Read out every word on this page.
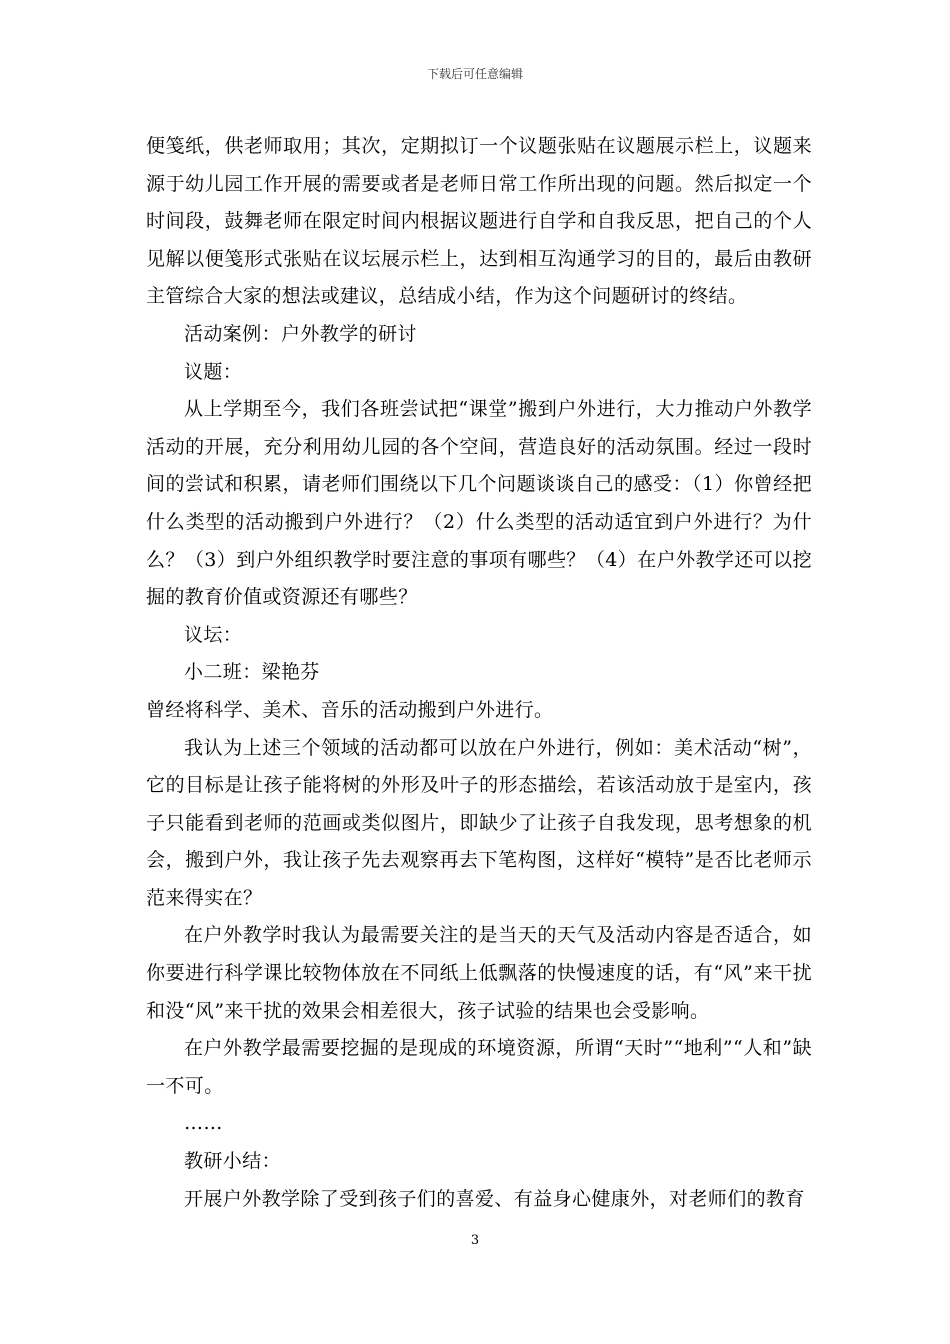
下载后可任意编辑

便笺纸，供老师取用；其次，定期拟订一个议题张贴在议题展示栏上，议题来源于幼儿园工作开展的需要或者是老师日常工作所出现的问题。然后拟定一个时间段，鼓舞老师在限定时间内根据议题进行自学和自我反思，把自己的个人见解以便笺形式张贴在议坛展示栏上，达到相互沟通学习的目的，最后由教研主管综合大家的想法或建议，总结成小结，作为这个问题研讨的终结。

活动案例：户外教学的研讨

议题：

从上学期至今，我们各班尝试把“课堂”搬到户外进行，大力推动户外教学活动的开展，充分利用幼儿园的各个空间，营造良好的活动氛围。经过一段时间的尝试和积累，请老师们围绕以下几个问题谈谈自己的感受：（1）你曾经把什么类型的活动搬到户外进行？（2）什么类型的活动适宜到户外进行？为什么？（3）到户外组织教学时要注意的事项有哪些？（4）在户外教学还可以挖掘的教育价值或资源还有哪些？

议坛：

小二班：梁艳芬

曾经将科学、美术、音乐的活动搬到户外进行。

我认为上述三个领域的活动都可以放在户外进行，例如：美术活动“树”，它的目标是让孩子能将树的外形及叶子的形态描绘，若该活动放于是室内，孩子只能看到老师的范画或类似图片，即缺少了让孩子自我发现，思考想象的机会，搬到户外，我让孩子先去观察再去下笔构图，这样好“模特”是否比老师示范来得实在？

在户外教学时我认为最需要关注的是当天的天气及活动内容是否适合，如你要进行科学课比较物体放在不同纸上低飘落的快慢速度的话，有“风”来干扰和没“风”来干扰的效果会相差很大，孩子试验的结果也会受影响。

在户外教学最需要挖掘的是现成的环境资源，所谓“天时”“地利”“人和”缺一不可。

……

教研小结：

开展户外教学除了受到孩子们的喜爱、有益身心健康外，对老师们的教育

3
